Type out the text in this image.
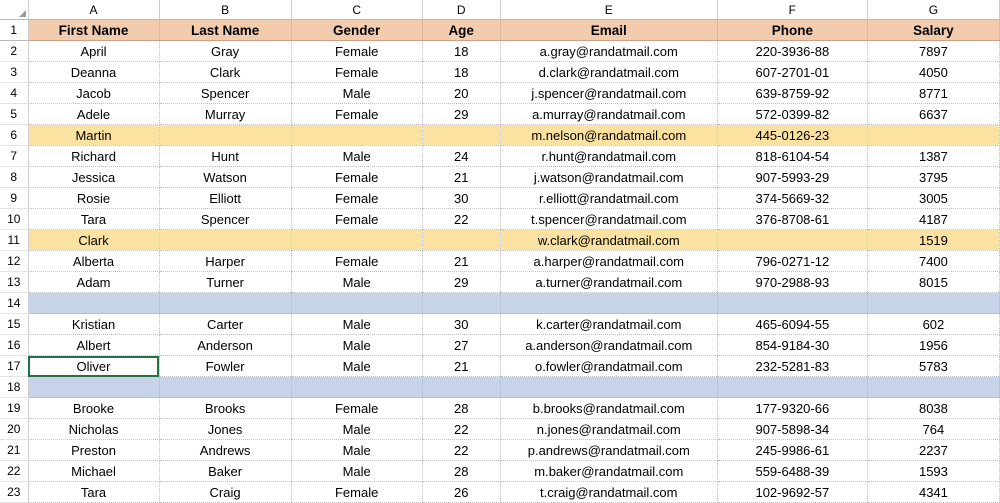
	A	B	C	D	E	F	G
1	First Name	Last Name	Gender	Age	Email	Phone	Salary
2	April	Gray	Female	18	a.gray@randatmail.com	220-3936-88	7897
3	Deanna	Clark	Female	18	d.clark@randatmail.com	607-2701-01	4050
4	Jacob	Spencer	Male	20	j.spencer@randatmail.com	639-8759-92	8771
5	Adele	Murray	Female	29	a.murray@randatmail.com	572-0399-82	6637
6	Martin				m.nelson@randatmail.com	445-0126-23	
7	Richard	Hunt	Male	24	r.hunt@randatmail.com	818-6104-54	1387
8	Jessica	Watson	Female	21	j.watson@randatmail.com	907-5993-29	3795
9	Rosie	Elliott	Female	30	r.elliott@randatmail.com	374-5669-32	3005
10	Tara	Spencer	Female	22	t.spencer@randatmail.com	376-8708-61	4187
11	Clark				w.clark@randatmail.com		1519
12	Alberta	Harper	Female	21	a.harper@randatmail.com	796-0271-12	7400
13	Adam	Turner	Male	29	a.turner@randatmail.com	970-2988-93	8015
14							
15	Kristian	Carter	Male	30	k.carter@randatmail.com	465-6094-55	602
16	Albert	Anderson	Male	27	a.anderson@randatmail.com	854-9184-30	1956
17	Oliver	Fowler	Male	21	o.fowler@randatmail.com	232-5281-83	5783
18							
19	Brooke	Brooks	Female	28	b.brooks@randatmail.com	177-9320-66	8038
20	Nicholas	Jones	Male	22	n.jones@randatmail.com	907-5898-34	764
21	Preston	Andrews	Male	22	p.andrews@randatmail.com	245-9986-61	2237
22	Michael	Baker	Male	28	m.baker@randatmail.com	559-6488-39	1593
23	Tara	Craig	Female	26	t.craig@randatmail.com	102-9692-57	4341
